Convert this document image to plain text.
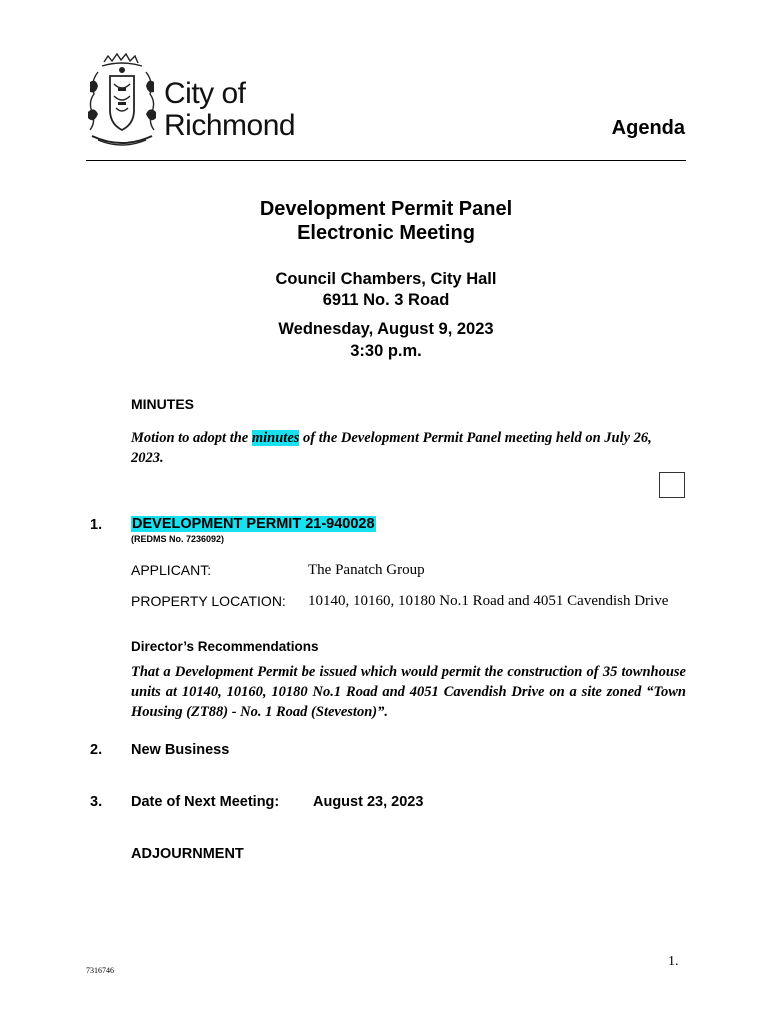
City of
Richmond	Agenda
Development Permit Panel
Electronic Meeting
Council Chambers, City Hall
6911 No. 3 Road
Wednesday, August 9, 2023
3:30 p.m.
MINUTES
Motion to adopt the minutes of the Development Permit Panel meeting held on July 26, 2023.
1. DEVELOPMENT PERMIT 21-940028
(REDMS No. 7236092)
APPLICANT:	The Panatch Group
PROPERTY LOCATION: 10140, 10160, 10180 No.1 Road and 4051 Cavendish Drive
Director’s Recommendations
That a Development Permit be issued which would permit the construction of 35 townhouse units at 10140, 10160, 10180 No.1 Road and 4051 Cavendish Drive on a site zoned “Town Housing (ZT88) - No. 1 Road (Steveston)”.
2. New Business
3. Date of Next Meeting: August 23, 2023
ADJOURNMENT
1.
7316746
